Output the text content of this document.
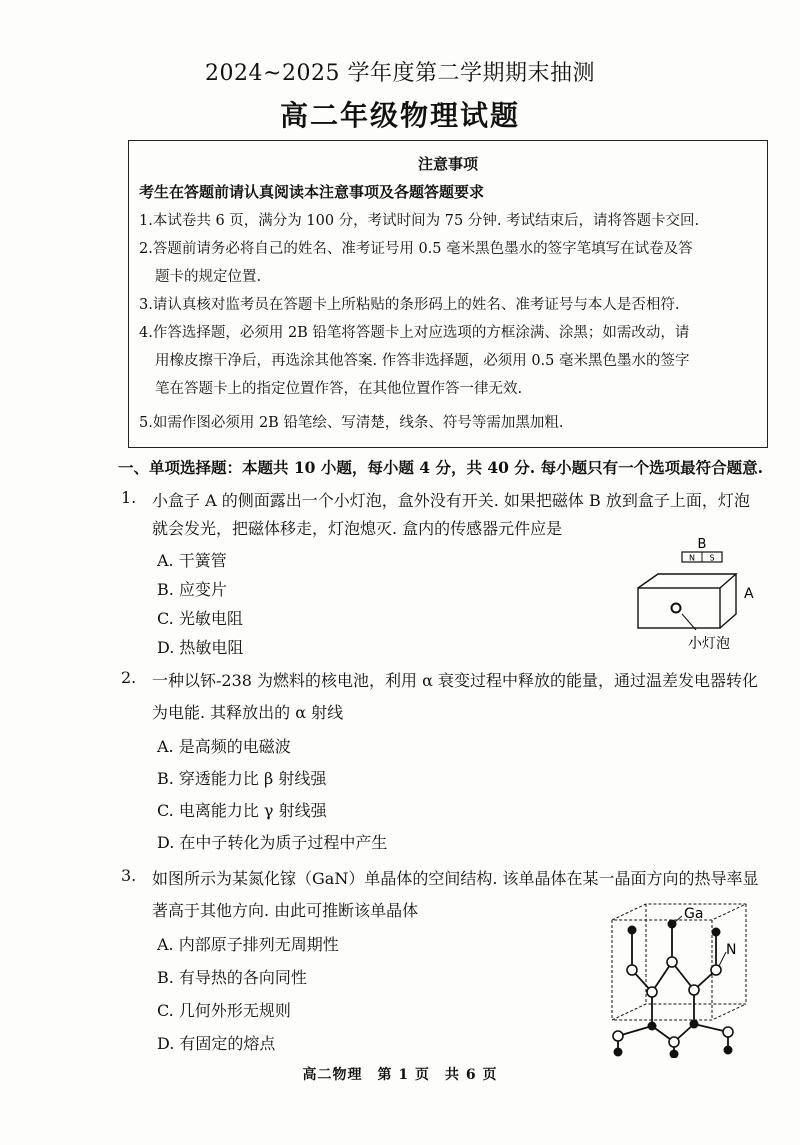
2024~2025 学年度第二学期期末抽测
高二年级物理试题
注意事项
考生在答题前请认真阅读本注意事项及各题答题要求
1.本试卷共 6 页，满分为 100 分，考试时间为 75 分钟. 考试结束后，请将答题卡交回.
2.答题前请务必将自己的姓名、准考证号用 0.5 毫米黑色墨水的签字笔填写在试卷及答
题卡的规定位置.
3.请认真核对监考员在答题卡上所粘贴的条形码上的姓名、准考证号与本人是否相符.
4.作答选择题，必须用 2B 铅笔将答题卡上对应选项的方框涂满、涂黑；如需改动，请
用橡皮擦干净后，再选涂其他答案. 作答非选择题，必须用 0.5 毫米黑色墨水的签字
笔在答题卡上的指定位置作答，在其他位置作答一律无效.
5.如需作图必须用 2B 铅笔绘、写清楚，线条、符号等需加黑加粗.
一、单项选择题：本题共 10 小题，每小题 4 分，共 40 分. 每小题只有一个选项最符合题意.
1. 小盒子 A 的侧面露出一个小灯泡，盒外没有开关. 如果把磁体 B 放到盒子上面，灯泡
就会发光，把磁体移走，灯泡熄灭. 盒内的传感器元件应是
A. 干簧管
B. 应变片
C. 光敏电阻
D. 热敏电阻
B
N S
A
小灯泡
2. 一种以钚-238 为燃料的核电池，利用 α 衰变过程中释放的能量，通过温差发电器转化
为电能. 其释放出的 α 射线
A. 是高频的电磁波
B. 穿透能力比 β 射线强
C. 电离能力比 γ 射线强
D. 在中子转化为质子过程中产生
3. 如图所示为某氮化镓（GaN）单晶体的空间结构. 该单晶体在某一晶面方向的热导率显
著高于其他方向. 由此可推断该单晶体
A. 内部原子排列无周期性
B. 有导热的各向同性
C. 几何外形无规则
D. 有固定的熔点
Ga
N
高二物理　第 1 页　共 6 页
